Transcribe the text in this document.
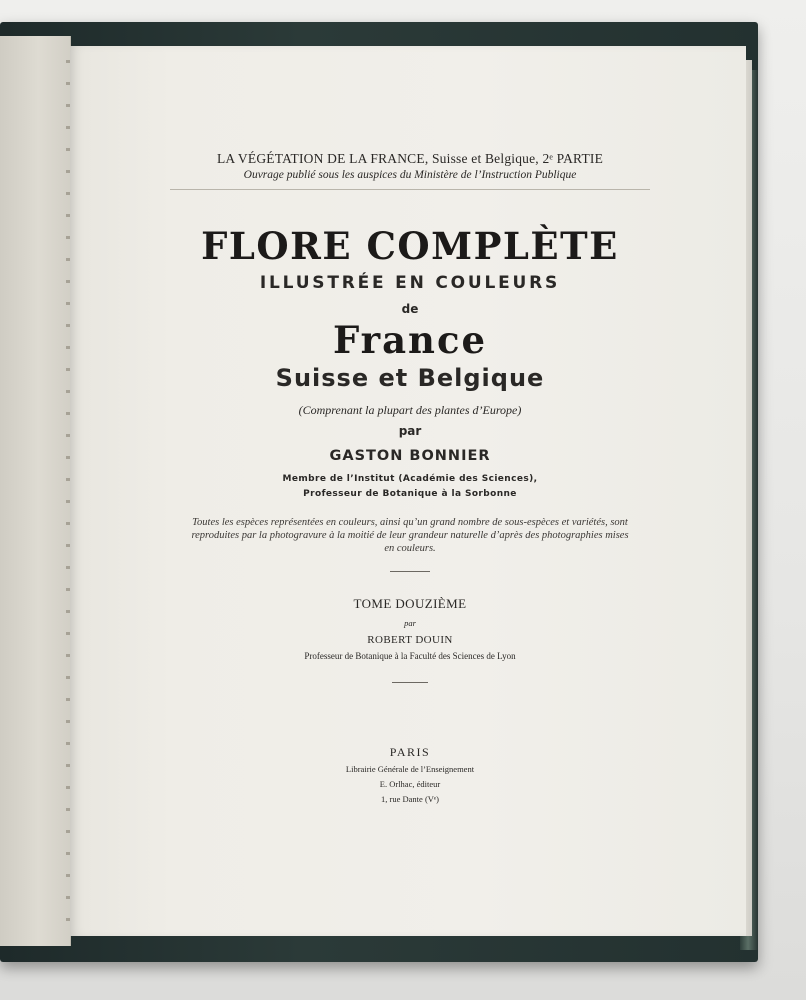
LA VÉGÉTATION DE LA FRANCE, Suisse et Belgique, 2ᵉ PARTIE

Ouvrage publié sous les auspices du Ministère de l’Instruction Publique

FLORE COMPLÈTE

ILLUSTRÉE EN COULEURS

de

France

Suisse et Belgique

(Comprenant la plupart des plantes d’Europe)

par

GASTON BONNIER

Membre de l’Institut (Académie des Sciences),

Professeur de Botanique à la Sorbonne

Toutes les espèces représentées en couleurs, ainsi qu’un grand nombre de sous-espèces et variétés, sont reproduites par la photogravure à la moitié de leur grandeur naturelle d’après des photographies mises en couleurs.

TOME DOUZIÈME

par

ROBERT DOUIN

Professeur de Botanique à la Faculté des Sciences de Lyon

PARIS

Librairie Générale de l’Enseignement

E. Orlhac, éditeur

1, rue Dante (Vᵉ)
